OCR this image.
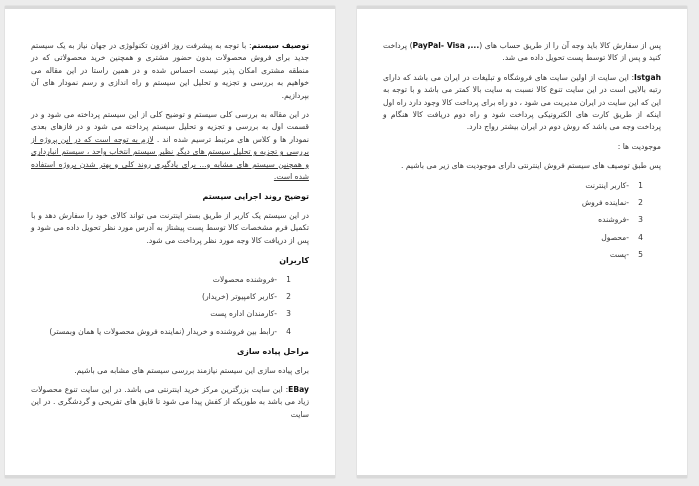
پس از سفارش کالا باید وجه آن را از طریق حساب های (PayPal- Visa ,...) پرداخت کنید و پس از کالا توسط پست تحویل داده می شد.

Istgah: این سایت از اولین سایت های فروشگاه و تبلیغات در ایران می باشد که دارای رتبه بالایی است در این سایت تنوع کالا نسبت به سایت بالا کمتر می باشد و با توجه به این که این سایت در ایران مدیریت می شود ، دو راه برای پرداخت کالا وجود دارد راه اول اینکه از طریق کارت های الکترونیکی پرداخت شود و راه دوم دریافت کالا هنگام و پرداخت وجه می باشد که روش دوم در ایران بیشتر رواج دارد.

موجودیت ها :

پس طبق توصیف های سیستم فروش اینترنتی دارای موجودیت های زیر می باشیم .

1-کاربر اینترنت
2-نماینده فروش
3-فروشنده
4-محصول
5-پست

توصیف سیستم: با توجه به پیشرفت روز افزون تکنولوژی در جهان نیاز به یک سیستم جدید برای فروش محصولات بدون حضور مشتری و همچنین خرید محصولاتی که در منطقه مشتری امکان پذیر نیست احساس شده و در همین راستا در این مقاله می خواهیم به بررسی و تجزیه و تحلیل این سیستم و راه اندازی و رسم نمودار های آن بپردازیم.

در این مقاله به بررسی کلی سیستم و توضیح کلی از این سیستم پرداخته می شود و در قسمت اول به بررسی و تجزیه و تحلیل سیستم پرداخته می شود و در فازهای بعدی نمودار ها و کلاس های مرتبط ترسیم شده اند . لازم به توجه است که در این پروژه از بررسی و تجزیه و تحلیل سیستم های دیگر نظیر سیستم انتخاب واحد ، سیستم انبارداری و همچنین سیستم های مشابه و... برای یادگیری روند کلی و بهتر شدن پروژه استفاده شده است.

توضیح روند اجرایی سیستم

در این سیستم یک کاربر از طریق بستر اینترنت می تواند کالای خود را سفارش دهد و با تکمیل فرم مشخصات کالا توسط پست پیشتاز به آدرس مورد نظر تحویل داده می شود و پس از دریافت کالا وجه مورد نظر پرداخت می شود.

کاربران
1-فروشنده محصولات
2-کاربر کامپیوتر (خریدار)
3-کارمندان اداره پست
4-رابط بین فروشنده و خریدار (نماینده فروش محصولات یا همان وبمستر)
مراحل پیاده سازی

برای پیاده سازی این سیستم نیازمند بررسی سیستم های مشابه می باشیم.

EBay: این سایت بزرگترین مرکز خرید اینترنتی می باشد. در این سایت تنوع محصولات زیاد می باشد به طوریکه از کفش پیدا می شود تا قایق های تفریحی و گردشگری . در این سایت
